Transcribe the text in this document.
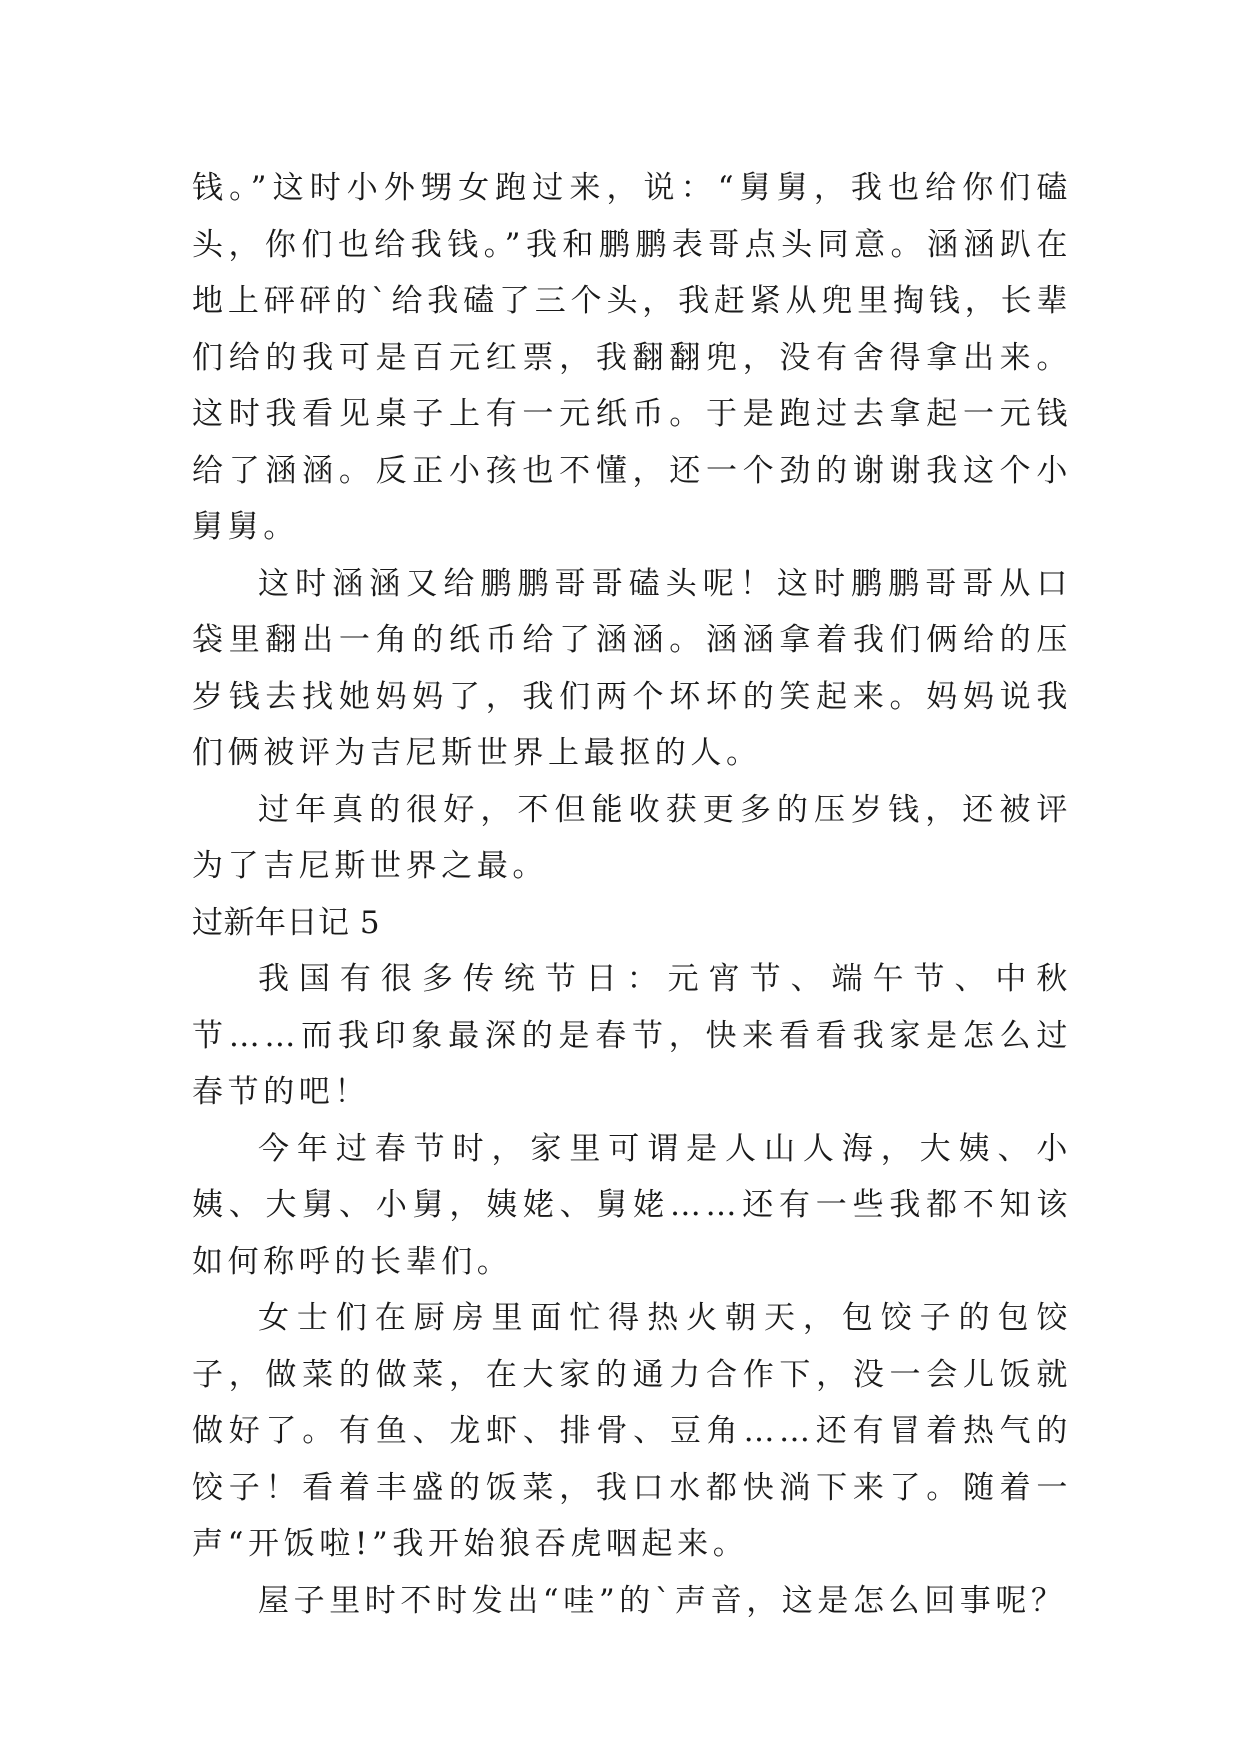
钱。”这时小外甥女跑过来，说：“舅舅，我也给你们磕头，你们也给我钱。”我和鹏鹏表哥点头同意。涵涵趴在地上砰砰的`给我磕了三个头，我赶紧从兜里掏钱，长辈们给的我可是百元红票，我翻翻兜，没有舍得拿出来。这时我看见桌子上有一元纸币。于是跑过去拿起一元钱给了涵涵。反正小孩也不懂，还一个劲的谢谢我这个小舅舅。

这时涵涵又给鹏鹏哥哥磕头呢！这时鹏鹏哥哥从口袋里翻出一角的纸币给了涵涵。涵涵拿着我们俩给的压岁钱去找她妈妈了，我们两个坏坏的笑起来。妈妈说我们俩被评为吉尼斯世界上最抠的人。

过年真的很好，不但能收获更多的压岁钱，还被评为了吉尼斯世界之最。

过新年日记 5

我国有很多传统节日：元宵节、端午节、中秋节……而我印象最深的是春节，快来看看我家是怎么过春节的吧！

今年过春节时，家里可谓是人山人海，大姨、小姨、大舅、小舅，姨姥、舅姥……还有一些我都不知该如何称呼的长辈们。

女士们在厨房里面忙得热火朝天，包饺子的包饺子，做菜的做菜，在大家的通力合作下，没一会儿饭就做好了。有鱼、龙虾、排骨、豆角……还有冒着热气的饺子！看着丰盛的饭菜，我口水都快淌下来了。随着一声“开饭啦!”我开始狼吞虎咽起来。

屋子里时不时发出“哇”的`声音，这是怎么回事呢？
